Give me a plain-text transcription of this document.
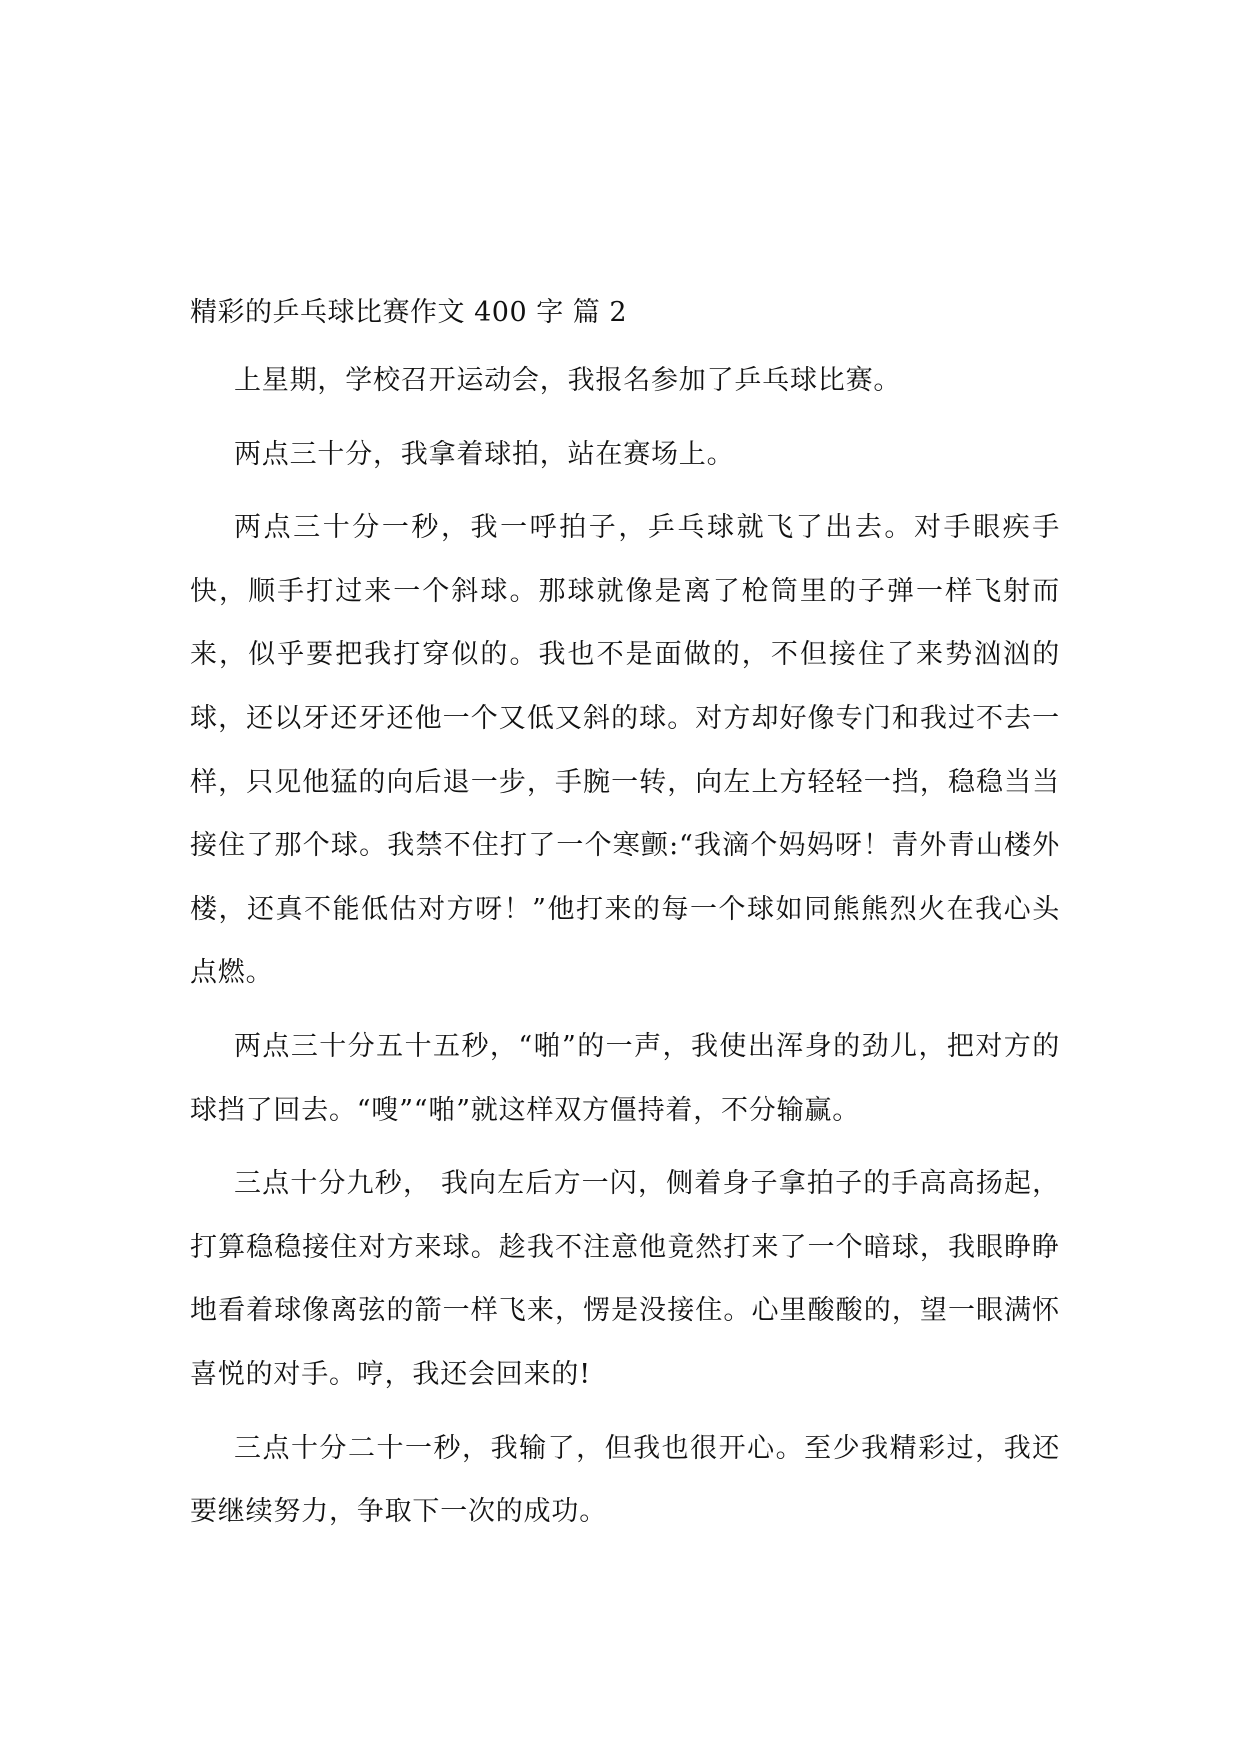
精彩的乒乓球比赛作文 400 字 篇 2

上星期，学校召开运动会，我报名参加了乒乓球比赛。

两点三十分，我拿着球拍，站在赛场上。

两点三十分一秒，我一呼拍子，乒乓球就飞了出去。对手眼疾手快，顺手打过来一个斜球。那球就像是离了枪筒里的子弹一样飞射而来，似乎要把我打穿似的。我也不是面做的，不但接住了来势汹汹的球，还以牙还牙还他一个又低又斜的球。对方却好像专门和我过不去一样，只见他猛的向后退一步，手腕一转，向左上方轻轻一挡，稳稳当当接住了那个球。我禁不住打了一个寒颤:“我滴个妈妈呀！青外青山楼外楼，还真不能低估对方呀！”他打来的每一个球如同熊熊烈火在我心头点燃。

两点三十分五十五秒，“啪”的一声，我使出浑身的劲儿，把对方的球挡了回去。“嗖”“啪”就这样双方僵持着，不分输赢。

三点十分九秒， 我向左后方一闪，侧着身子拿拍子的手高高扬起，打算稳稳接住对方来球。趁我不注意他竟然打来了一个暗球，我眼睁睁地看着球像离弦的箭一样飞来，愣是没接住。心里酸酸的，望一眼满怀喜悦的对手。哼，我还会回来的!

三点十分二十一秒，我输了，但我也很开心。至少我精彩过，我还要继续努力，争取下一次的成功。
